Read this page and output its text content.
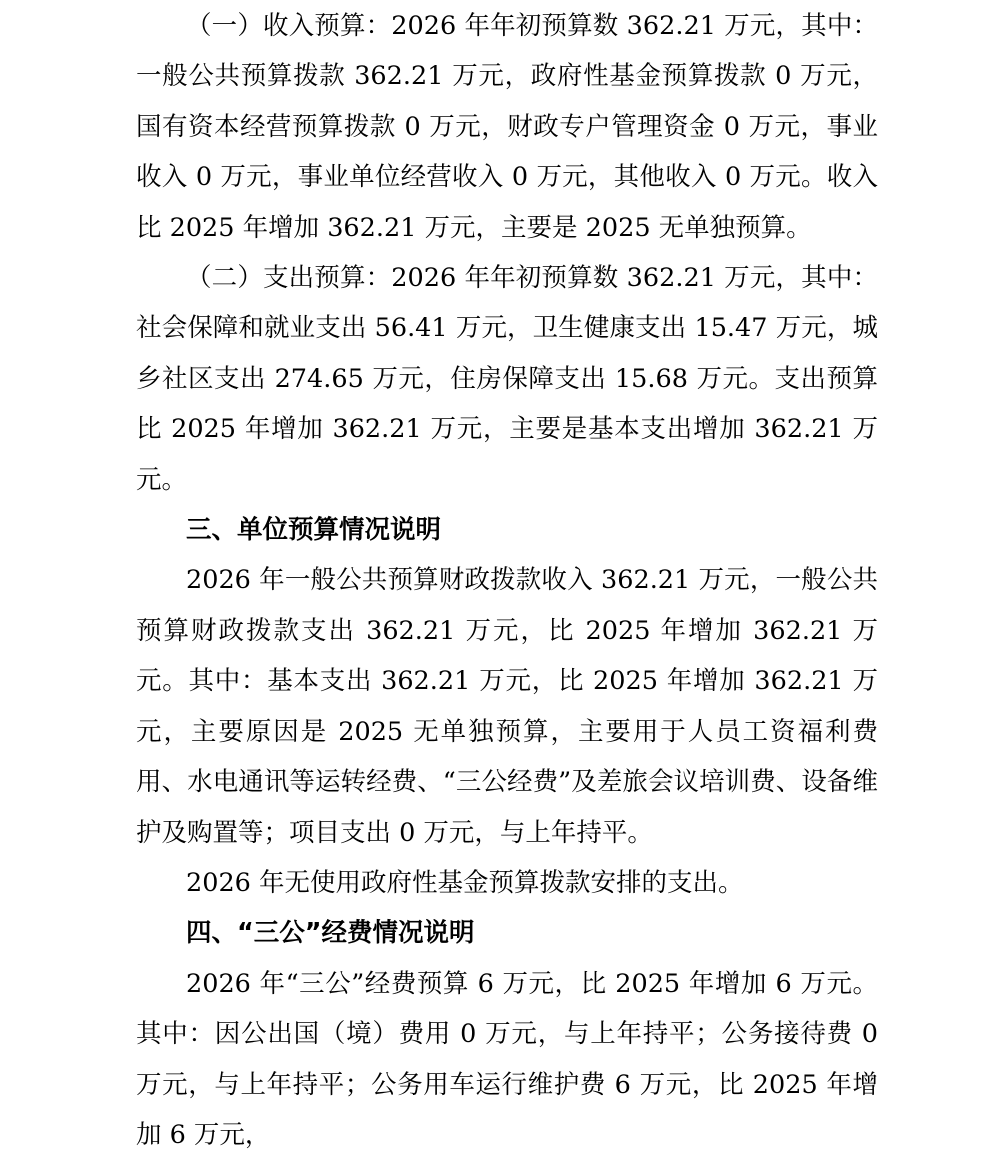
（一）收入预算：2026 年年初预算数 362.21 万元，其中：一般公共预算拨款 362.21 万元，政府性基金预算拨款 0 万元，国有资本经营预算拨款 0 万元，财政专户管理资金 0 万元，事业收入 0 万元，事业单位经营收入 0 万元，其他收入 0 万元。收入比 2025 年增加 362.21 万元，主要是 2025 无单独预算。

（二）支出预算：2026 年年初预算数 362.21 万元，其中：社会保障和就业支出 56.41 万元，卫生健康支出 15.47 万元，城乡社区支出 274.65 万元，住房保障支出 15.68 万元。支出预算比 2025 年增加 362.21 万元，主要是基本支出增加 362.21 万元。

三、单位预算情况说明

2026 年一般公共预算财政拨款收入 362.21 万元，一般公共预算财政拨款支出 362.21 万元，比 2025 年增加 362.21 万元。其中：基本支出 362.21 万元，比 2025 年增加 362.21 万元，主要原因是 2025 无单独预算，主要用于人员工资福利费用、水电通讯等运转经费、“三公经费”及差旅会议培训费、设备维护及购置等；项目支出 0 万元，与上年持平。

2026 年无使用政府性基金预算拨款安排的支出。

四、“三公”经费情况说明

2026 年“三公”经费预算 6 万元，比 2025 年增加 6 万元。其中：因公出国（境）费用 0 万元，与上年持平；公务接待费 0 万元，与上年持平；公务用车运行维护费 6 万元，比 2025 年增加 6 万元，
